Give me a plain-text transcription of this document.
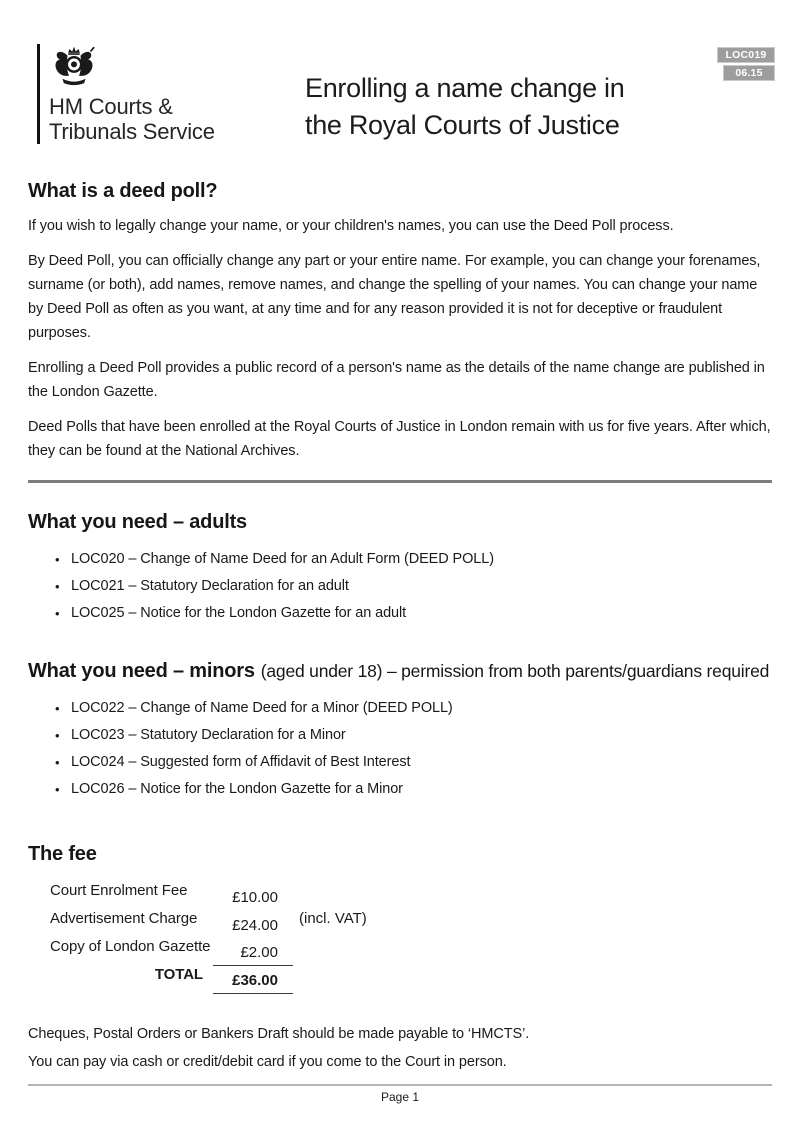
HM Courts &
Tribunals Service
Enrolling a name change in
the Royal Courts of Justice
LOC019
06.15
What is a deed poll?

If you wish to legally change your name, or your children's names, you can use the Deed Poll process.

By Deed Poll, you can officially change any part or your entire name. For example, you can change your forenames, surname (or both), add names, remove names, and change the spelling of your names. You can change your name by Deed Poll as often as you want, at any time and for any reason provided it is not for deceptive or fraudulent purposes.

Enrolling a Deed Poll provides a public record of a person's name as the details of the name change are published in the London Gazette.

Deed Polls that have been enrolled at the Royal Courts of Justice in London remain with us for five years. After which, they can be found at the National Archives.

What you need – adults
• LOC020 – Change of Name Deed for an Adult Form (DEED POLL)
• LOC021 – Statutory Declaration for an adult
• LOC025 – Notice for the London Gazette for an adult
What you need – minors (aged under 18) – permission from both parents/guardians required
• LOC022 – Change of Name Deed for a Minor (DEED POLL)
• LOC023 – Statutory Declaration for a Minor
• LOC024 – Suggested form of Affidavit of Best Interest
• LOC026 – Notice for the London Gazette for a Minor
The fee
Court Enrolment Fee	£10.00
Advertisement Charge	£24.00	(incl. VAT)
Copy of London Gazette	£2.00
TOTAL	£36.00

Cheques, Postal Orders or Bankers Draft should be made payable to ‘HMCTS’.

You can pay via cash or credit/debit card if you come to the Court in person.

Page 1
